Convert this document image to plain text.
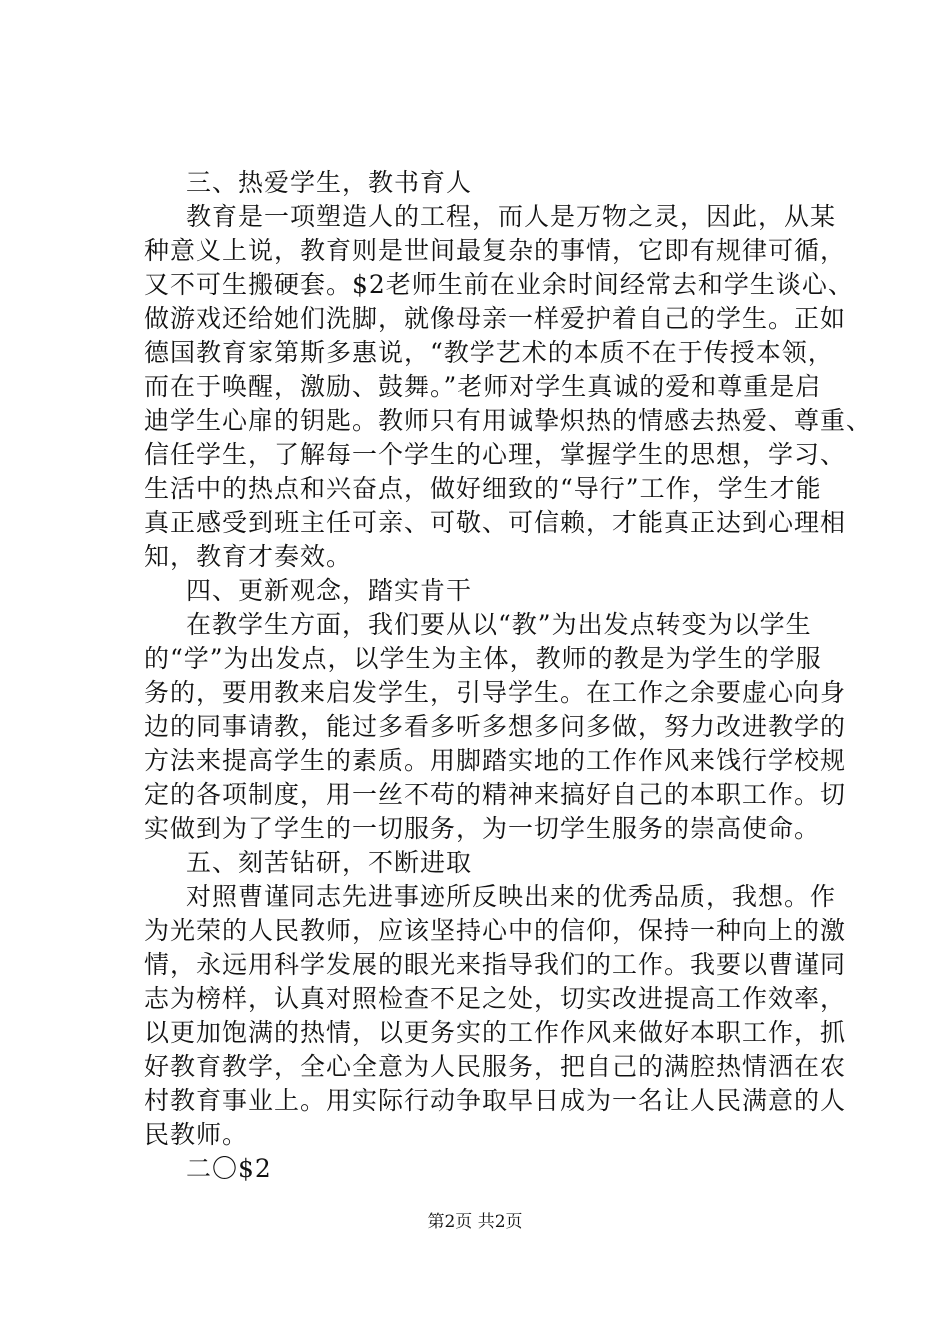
三、热爱学生，教书育人
教育是一项塑造人的工程，而人是万物之灵，因此，从某
种意义上说，教育则是世间最复杂的事情，它即有规律可循，
又不可生搬硬套。$2老师生前在业余时间经常去和学生谈心、
做游戏还给她们洗脚，就像母亲一样爱护着自己的学生。正如
德国教育家第斯多惠说，“教学艺术的本质不在于传授本领，
而在于唤醒，激励、鼓舞。”老师对学生真诚的爱和尊重是启
迪学生心扉的钥匙。教师只有用诚挚炽热的情感去热爱、尊重、
信任学生，了解每一个学生的心理，掌握学生的思想，学习、
生活中的热点和兴奋点，做好细致的“导行”工作，学生才能
真正感受到班主任可亲、可敬、可信赖，才能真正达到心理相
知，教育才奏效。
四、更新观念，踏实肯干
在教学生方面，我们要从以“教”为出发点转变为以学生
的“学”为出发点，以学生为主体，教师的教是为学生的学服
务的，要用教来启发学生，引导学生。在工作之余要虚心向身
边的同事请教，能过多看多听多想多问多做，努力改进教学的
方法来提高学生的素质。用脚踏实地的工作作风来饯行学校规
定的各项制度，用一丝不苟的精神来搞好自己的本职工作。切
实做到为了学生的一切服务，为一切学生服务的崇高使命。
五、刻苦钻研，不断进取
对照曹谨同志先进事迹所反映出来的优秀品质，我想。作
为光荣的人民教师，应该坚持心中的信仰，保持一种向上的激
情，永远用科学发展的眼光来指导我们的工作。我要以曹谨同
志为榜样，认真对照检查不足之处，切实改进提高工作效率，
以更加饱满的热情，以更务实的工作作风来做好本职工作，抓
好教育教学，全心全意为人民服务，把自己的满腔热情洒在农
村教育事业上。用实际行动争取早日成为一名让人民满意的人
民教师。
二〇$2
第2页 共2页
